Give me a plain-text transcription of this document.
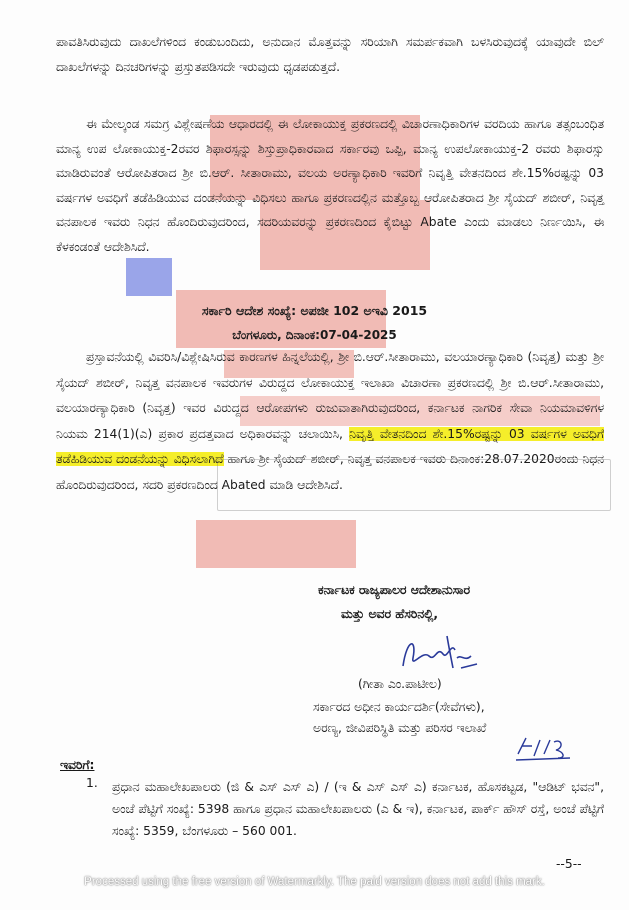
ಪಾವತಿಸಿರುವುದು ದಾಖಲೆಗಳಿಂದ ಕಂಡುಬಂದಿದು, ಅನುದಾನ ಮೊತ್ತವನ್ನು ಸರಿಯಾಗಿ ಸಮರ್ಪಕವಾಗಿ ಬಳಸಿರುವುದಕ್ಕೆ ಯಾವುದೇ ಬಿಲ್ ದಾಖಲೆಗಳನ್ನು ದಿನಚರಿಗಳನ್ನು ಪ್ರಸ್ತುತಪಡಿಸದೇ ಇರುವುದು ಧೃಡಪಡುತ್ತದೆ.
ಈ ಮೇಲ್ಕಂಡ ಸಮಗ್ರ ವಿಶ್ಲೇಷಣೆಯ ಆಧಾರದಲ್ಲಿ ಈ ಲೋಕಾಯುಕ್ತ ಪ್ರಕರಣದಲ್ಲಿ ವಿಚಾರಣಾಧಿಕಾರಿಗಳ ವರದಿಯ ಹಾಗೂ ತತ್ಸಂಬಂಧಿತ ಮಾನ್ಯ ಉಪ ಲೋಕಾಯುಕ್ತ-2ರವರ ಶಿಫಾರಸ್ಸನ್ನು ಶಿಸ್ತುಪ್ರಾಧಿಕಾರವಾದ ಸರ್ಕಾರವು ಒಪ್ಪಿ, ಮಾನ್ಯ ಉಪಲೋಕಾಯುಕ್ತ-2 ರವರು ಶಿಫಾರಸ್ಸು ಮಾಡಿರುವಂತೆ ಆರೋಪಿತರಾದ ಶ್ರೀ ಬಿ.ಆರ್. ಸೀತಾರಾಮು, ವಲಯ ಅರಣ್ಯಾಧಿಕಾರಿ ಇವರಿಗೆ ನಿವೃತ್ತಿ ವೇತನದಿಂದ ಶೇ.15%ರಷ್ಟನ್ನು 03 ವರ್ಷಗಳ ಅವಧಿಗೆ ತಡೆಹಿಡಿಯುವ ದಂಡನೆಯನ್ನು ವಿಧಿಸಲು ಹಾಗೂ ಪ್ರಕರಣದಲ್ಲಿನ ಮತ್ತೊಬ್ಬ ಆರೋಪಿತರಾದ ಶ್ರೀ ಸೈಯದ್ ಶಬೀರ್, ನಿವೃತ್ತ ವನಪಾಲಕ ಇವರು ನಿಧನ ಹೊಂದಿರುವುದರಿಂದ, ಸದರಿಯವರನ್ನು ಪ್ರಕರಣದಿಂದ ಕೈಬಿಟ್ಟು Abate ಎಂದು ಮಾಡಲು ನಿರ್ಣಯಿಸಿ, ಈ ಕೆಳಕಂಡಂತೆ ಆದೇಶಿಸಿದೆ.
ಸರ್ಕಾರಿ ಆದೇಶ ಸಂಖ್ಯೆ: ಅಪಜೀ 102 ಅಇವಿ 2015
ಬೆಂಗಳೂರು, ದಿನಾಂಕ:07-04-2025
ಪ್ರಸ್ತಾವನೆಯಲ್ಲಿ ವಿವರಿಸಿ/ವಿಶ್ಲೇಷಿಸಿರುವ ಕಾರಣಗಳ ಹಿನ್ನಲೆಯಲ್ಲಿ, ಶ್ರೀ ಬಿ.ಆರ್.ಸೀತಾರಾಮು, ವಲಯಾರಣ್ಯಾಧಿಕಾರಿ (ನಿವೃತ್ತ) ಮತ್ತು ಶ್ರೀ ಸೈಯದ್ ಶಬೀರ್, ನಿವೃತ್ತ ವನಪಾಲಕ ಇವರುಗಳ ವಿರುದ್ದದ ಲೋಕಾಯುಕ್ತ ಇಲಾಖಾ ವಿಚಾರಣಾ ಪ್ರಕರಣದಲ್ಲಿ ಶ್ರೀ ಬಿ.ಆರ್.ಸೀತಾರಾಮು, ವಲಯಾರಣ್ಯಾಧಿಕಾರಿ (ನಿವೃತ್ತ) ಇವರ ವಿರುದ್ದದ ಆರೋಪಗಳು ರುಜುವಾತಾಗಿರುವುದರಿಂದ, ಕರ್ನಾಟಕ ನಾಗರಿಕ ಸೇವಾ ನಿಯಮಾವಳಿಗಳ ನಿಯಮ 214(1)(ಎ) ಪ್ರಕಾರ ಪ್ರದತ್ತವಾದ ಅಧಿಕಾರವನ್ನು ಚಲಾಯಿಸಿ, ನಿವೃತ್ತಿ ವೇತನದಿಂದ ಶೇ.15%ರಷ್ಟನ್ನು 03 ವರ್ಷಗಳ ಅವಧಿಗೆ ತಡೆಹಿಡಿಯುವ ದಂಡನೆಯನ್ನು ವಿಧಿಸಲಾಗಿದೆ ಹಾಗೂ ಶ್ರೀ ಸೈಯದ್ ಶಬೀರ್, ನಿವೃತ್ತ ವನಪಾಲಕ ಇವರು ದಿನಾಂಕ:28.07.2020ರಂದು ನಿಧನ ಹೊಂದಿರುವುದರಿಂದ, ಸದರಿ ಪ್ರಕರಣದಿಂದ Abated ಮಾಡಿ ಆದೇಶಿಸಿದೆ.
ಕರ್ನಾಟಕ ರಾಜ್ಯಪಾಲರ ಆದೇಶಾನುಸಾರ
ಮತ್ತು ಅವರ ಹೆಸರಿನಲ್ಲಿ,
(ಗೀತಾ ಎಂ.ಪಾಟೀಲ)
ಸರ್ಕಾರದ ಅಧೀನ ಕಾರ್ಯದರ್ಶಿ(ಸೇವೆಗಳು),
ಅರಣ್ಯ, ಜೀವಿಪರಿಸ್ಥಿತಿ ಮತ್ತು ಪರಿಸರ ಇಲಾಖೆ
ಇವರಿಗೆ:
1. ಪ್ರಧಾನ ಮಹಾಲೇಖಪಾಲರು (ಜಿ & ಎಸ್ ಎಸ್ ಎ) / (ಇ & ಎಸ್ ಎಸ್ ಎ) ಕರ್ನಾಟಕ, ಹೊಸಕಟ್ಟಡ, "ಆಡಿಟ್ ಭವನ", ಅಂಚೆ ಪೆಟ್ಟಿಗೆ ಸಂಖ್ಯೆ: 5398 ಹಾಗೂ ಪ್ರಧಾನ ಮಹಾಲೇಖಪಾಲರು (ಎ & ಇ), ಕರ್ನಾಟಕ, ಪಾರ್ಕ್ ಹೌಸ್ ರಸ್ತೆ, ಅಂಚೆ ಪೆಟ್ಟಿಗೆ ಸಂಖ್ಯೆ: 5359, ಬೆಂಗಳೂರು – 560 001.
--5--
Processed using the free version of Watermarkly. The paid version does not add this mark.
